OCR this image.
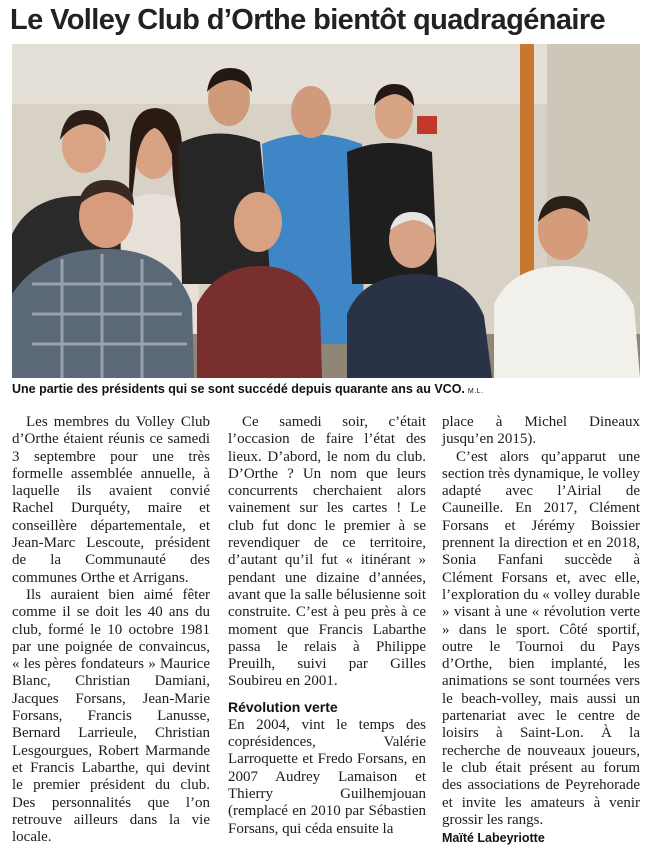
Le Volley Club d’Orthe bientôt quadragénaire
Une partie des présidents qui se sont succédé depuis quarante ans au VCO. M.L.

Les membres du Volley Club d’Orthe étaient réunis ce samedi 3 septembre pour une très formelle assemblée annuelle, à laquelle ils avaient convié Rachel Durquéty, maire et conseillère départementale, et Jean-Marc Lescoute, président de la Communauté des communes Orthe et Arrigans.

Ils auraient bien aimé fêter comme il se doit les 40 ans du club, formé le 10 octobre 1981 par une poignée de convaincus, « les pères fondateurs » Maurice Blanc, Christian Damiani, Jacques Forsans, Jean-Marie Forsans, Francis Lanusse, Bernard Larrieule, Christian Lesgourgues, Robert Marmande et Francis Labarthe, qui devint le premier président du club. Des personnalités que l’on retrouve ailleurs dans la vie locale.

Ce samedi soir, c’était l’occasion de faire l’état des lieux. D’abord, le nom du club. D’Orthe ? Un nom que leurs concurrents cherchaient alors vainement sur les cartes ! Le club fut donc le premier à se revendiquer de ce territoire, d’autant qu’il fut « itinérant » pendant une dizaine d’années, avant que la salle bélusienne soit construite. C’est à peu près à ce moment que Francis Labarthe passa le relais à Philippe Preuilh, suivi par Gilles Soubireu en 2001.

Révolution verte

En 2004, vint le temps des coprésidences, Valérie Larroquette et Fredo Forsans, en 2007 Audrey Lamaison et Thierry Guilhemjouan (remplacé en 2010 par Sébastien Forsans, qui céda ensuite la

place à Michel Dineaux jusqu’en 2015).

C’est alors qu’apparut une section très dynamique, le volley adapté avec l’Airial de Cauneille. En 2017, Clément Forsans et Jérémy Boissier prennent la direction et en 2018, Sonia Fanfani succède à Clément Forsans et, avec elle, l’exploration du « volley durable » visant à une « révolution verte » dans le sport. Côté sportif, outre le Tournoi du Pays d’Orthe, bien implanté, les animations se sont tournées vers le beach-volley, mais aussi un partenariat avec le centre de loisirs à Saint-Lon. À la recherche de nouveaux joueurs, le club était présent au forum des associations de Peyrehorade et invite les amateurs à venir grossir les rangs.

Maïté Labeyriotte
